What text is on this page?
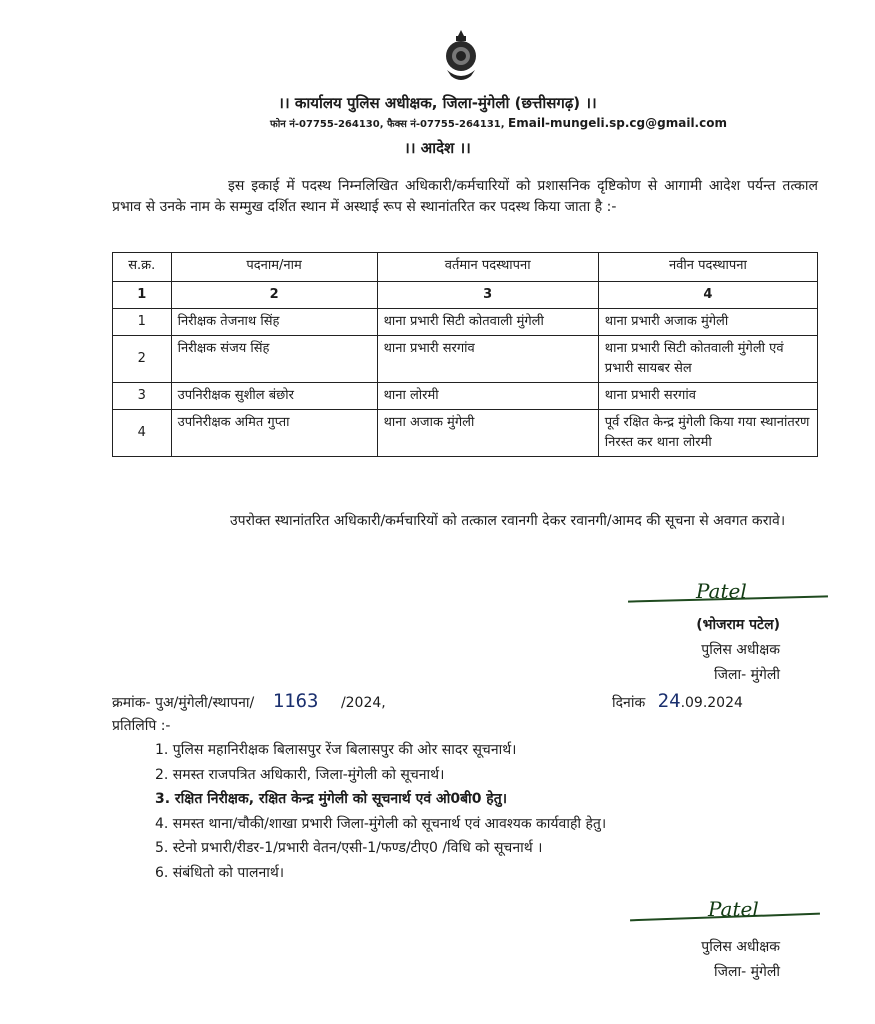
।। कार्यालय पुलिस अधीक्षक, जिला-मुंगेली (छत्तीसगढ़) ।।
फोन नं-07755-264130, फैक्स नं-07755-264131, Email-mungeli.sp.cg@gmail.com
।। आदेश ।।
इस इकाई में पदस्थ निम्नलिखित अधिकारी/कर्मचारियों को प्रशासनिक दृष्टिकोण से आगामी आदेश पर्यन्त तत्काल प्रभाव से उनके नाम के सम्मुख दर्शित स्थान में अस्थाई रूप से स्थानांतरित कर पदस्थ किया जाता है :-
स.क्र.	पदनाम/नाम	वर्तमान पदस्थापना	नवीन पदस्थापना
1	2	3	4
1	निरीक्षक तेजनाथ सिंह	थाना प्रभारी सिटी कोतवाली मुंगेली	थाना प्रभारी अजाक मुंगेली
2	निरीक्षक संजय सिंह	थाना प्रभारी सरगांव	थाना प्रभारी सिटी कोतवाली मुंगेली एवं प्रभारी सायबर सेल
3	उपनिरीक्षक सुशील बंछोर	थाना लोरमी	थाना प्रभारी सरगांव
4	उपनिरीक्षक अमित गुप्ता	थाना अजाक मुंगेली	पूर्व रक्षित केन्द्र मुंगेली किया गया स्थानांतरण निरस्त कर थाना लोरमी
उपरोक्त स्थानांतरित अधिकारी/कर्मचारियों को तत्काल रवानगी देकर रवानगी/आमद की सूचना से अवगत करावे।
Patel
(भोजराम पटेल)
पुलिस अधीक्षक
जिला- मुंगेली
क्रमांक- पुअ/मुंगेली/स्थापना/ 1163 /2024,	दिनांक 24.09.2024
प्रतिलिपि :-
1. पुलिस महानिरीक्षक बिलासपुर रेंज बिलासपुर की ओर सादर सूचनार्थ।
2. समस्त राजपत्रित अधिकारी, जिला-मुंगेली को सूचनार्थ।
3. रक्षित निरीक्षक, रक्षित केन्द्र मुंगेली को सूचनार्थ एवं ओ0बी0 हेतु।
4. समस्त थाना/चौकी/शाखा प्रभारी जिला-मुंगेली को सूचनार्थ एवं आवश्यक कार्यवाही हेतु।
5. स्टेनो प्रभारी/रीडर-1/प्रभारी वेतन/एसी-1/फण्ड/टीए0 /विधि को सूचनार्थ ।
6. संबंधितो को पालनार्थ।
Patel
पुलिस अधीक्षक
जिला- मुंगेली
